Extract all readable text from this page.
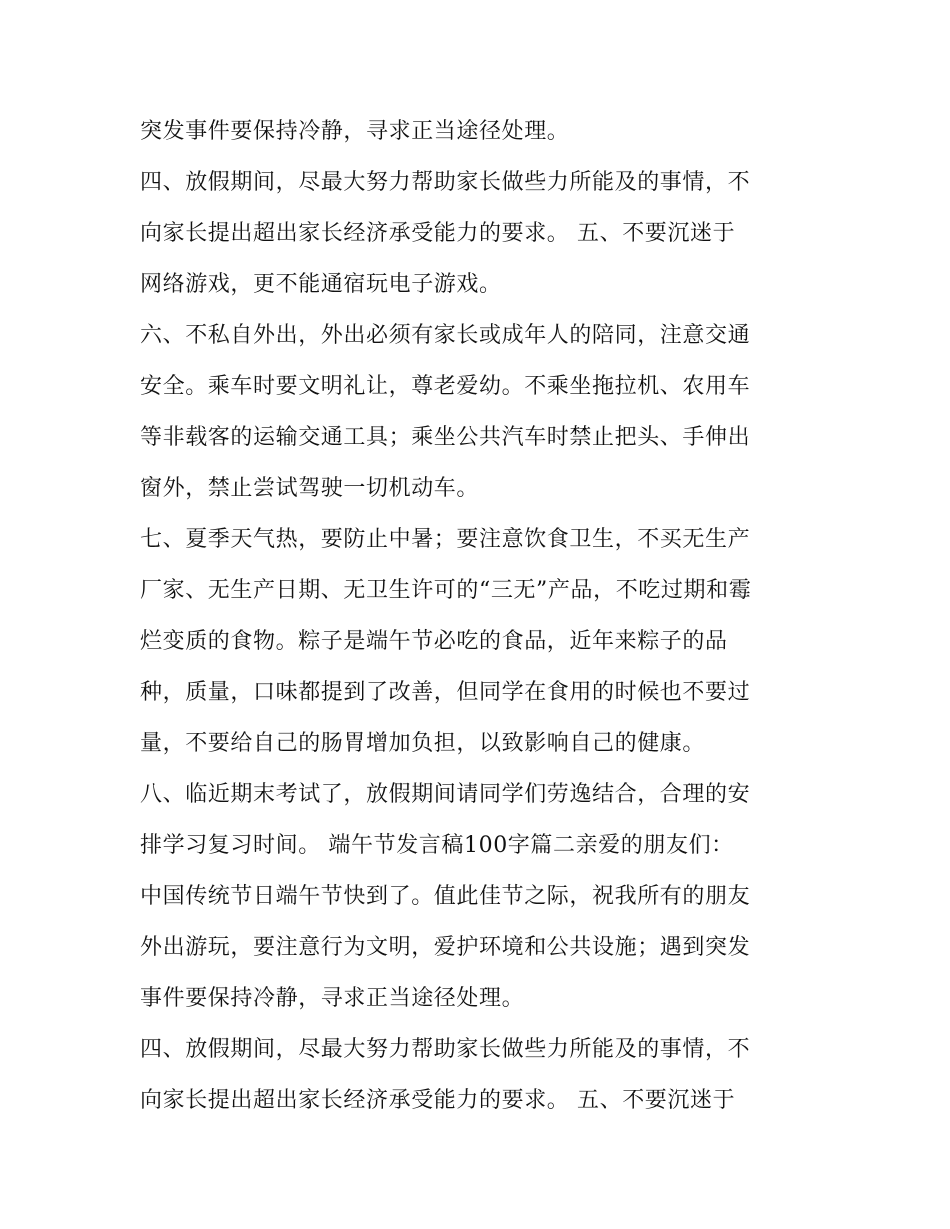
突发事件要保持冷静，寻求正当途径处理。

四、放假期间，尽最大努力帮助家长做些力所能及的事情，不

向家长提出超出家长经济承受能力的要求。 五、不要沉迷于

网络游戏，更不能通宿玩电子游戏。

六、不私自外出，外出必须有家长或成年人的陪同，注意交通

安全。乘车时要文明礼让，尊老爱幼。不乘坐拖拉机、农用车

等非载客的运输交通工具；乘坐公共汽车时禁止把头、手伸出

窗外，禁止尝试驾驶一切机动车。

七、夏季天气热，要防止中暑；要注意饮食卫生，不买无生产

厂家、无生产日期、无卫生许可的“三无”产品，不吃过期和霉

烂变质的食物。粽子是端午节必吃的食品，近年来粽子的品

种，质量，口味都提到了改善，但同学在食用的时候也不要过

量，不要给自己的肠胃增加负担，以致影响自己的健康。

八、临近期末考试了，放假期间请同学们劳逸结合，合理的安

排学习复习时间。 端午节发言稿100字篇二亲爱的朋友们：

中国传统节日端午节快到了。值此佳节之际，祝我所有的朋友

外出游玩，要注意行为文明，爱护环境和公共设施；遇到突发

事件要保持冷静，寻求正当途径处理。

四、放假期间，尽最大努力帮助家长做些力所能及的事情，不

向家长提出超出家长经济承受能力的要求。 五、不要沉迷于
